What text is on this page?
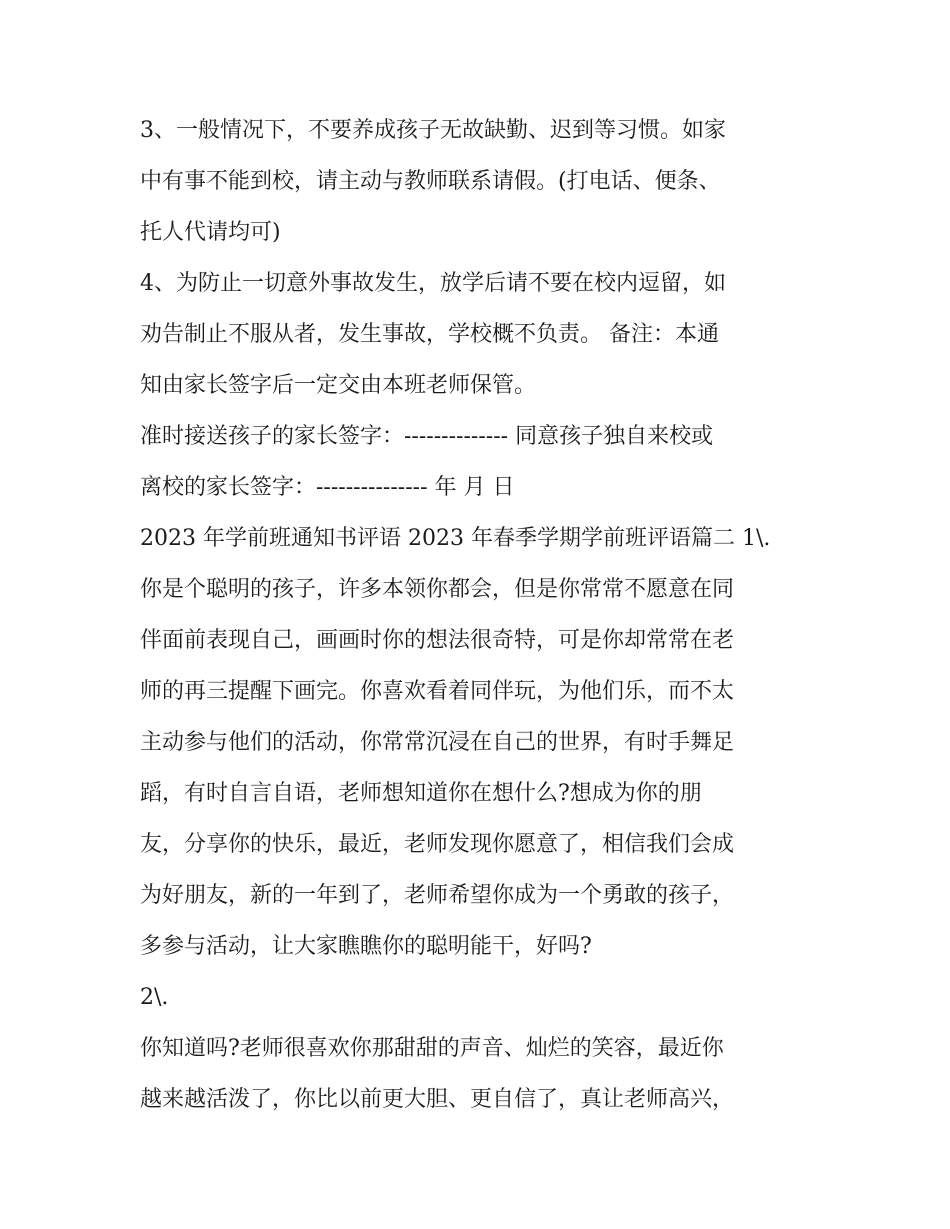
3、一般情况下，不要养成孩子无故缺勤、迟到等习惯。如家
中有事不能到校，请主动与教师联系请假。(打电话、便条、
托人代请均可)
4、为防止一切意外事故发生，放学后请不要在校内逗留，如
劝告制止不服从者，发生事故，学校概不负责。 备注：本通
知由家长签字后一定交由本班老师保管。
准时接送孩子的家长签字：-------------- 同意孩子独自来校或
离校的家长签字：--------------- 年 月 日
2023 年学前班通知书评语 2023 年春季学期学前班评语篇二 1\.
你是个聪明的孩子，许多本领你都会，但是你常常不愿意在同
伴面前表现自己，画画时你的想法很奇特，可是你却常常在老
师的再三提醒下画完。你喜欢看着同伴玩，为他们乐，而不太
主动参与他们的活动，你常常沉浸在自己的世界，有时手舞足
蹈，有时自言自语，老师想知道你在想什么?想成为你的朋
友，分享你的快乐，最近，老师发现你愿意了，相信我们会成
为好朋友，新的一年到了，老师希望你成为一个勇敢的孩子，
多参与活动，让大家瞧瞧你的聪明能干，好吗?
2\.
你知道吗?老师很喜欢你那甜甜的声音、灿烂的笑容，最近你
越来越活泼了，你比以前更大胆、更自信了，真让老师高兴，
